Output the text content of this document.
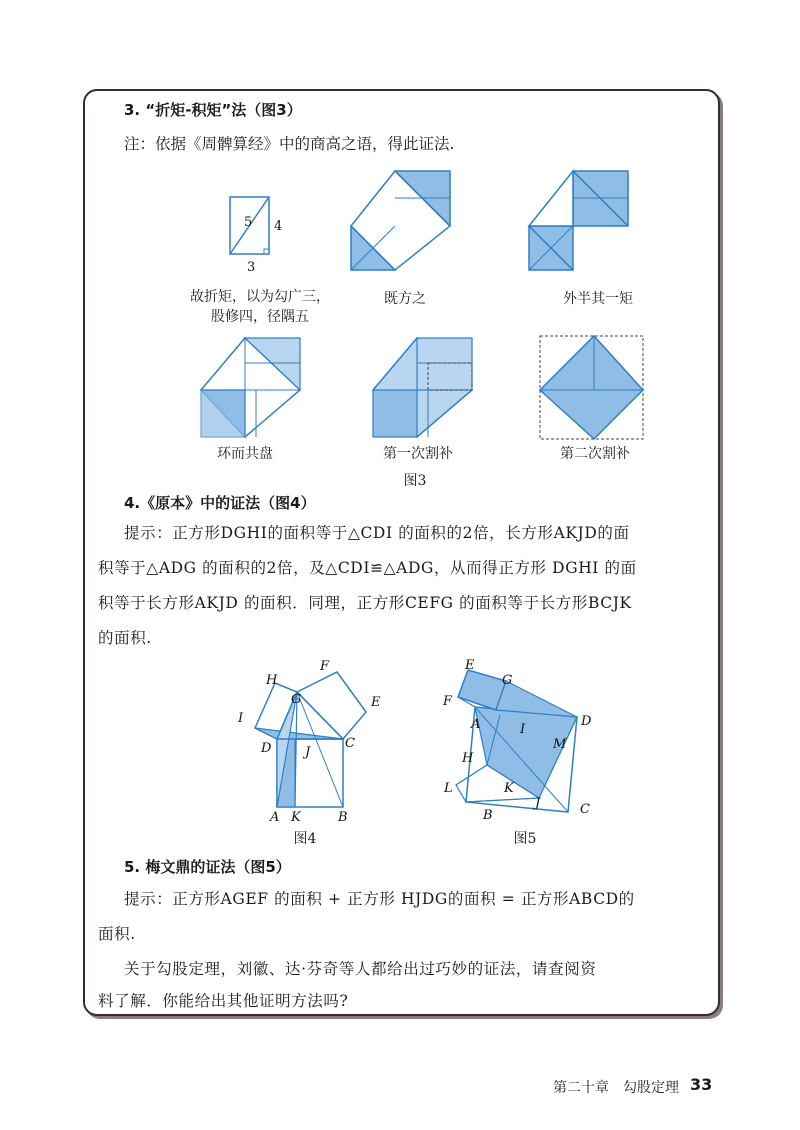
3. “折矩-积矩”法（图3）
注：依据《周髀算经》中的商高之语，得此证法.
5 4
3
故折矩，以为勾广三，
股修四，径隅五
既方之	外半其一矩
环而共盘	第一次割补	第二次割补
图3
4.《原本》中的证法（图4）
提示：正方形DGHI的面积等于△CDI 的面积的2倍，长方形AKJD的面
积等于△ADG 的面积的2倍，及△CDI≌△ADG，从而得正方形 DGHI 的面
积等于长方形AKJD 的面积．同理，正方形CEFG 的面积等于长方形BCJK
的面积.
H
F
G	E
I
D	J
C
A K	B
图4
E
G
F
A	I
D
H
M
L	K
J
B	C
图5
5. 梅文鼎的证法（图5）
提示：正方形AGEF 的面积 + 正方形 HJDG的面积 = 正方形ABCD的
面积.
关于勾股定理，刘徽、达·芬奇等人都给出过巧妙的证法，请查阅资
料了解．你能给出其他证明方法吗?
第二十章　勾股定理 33
